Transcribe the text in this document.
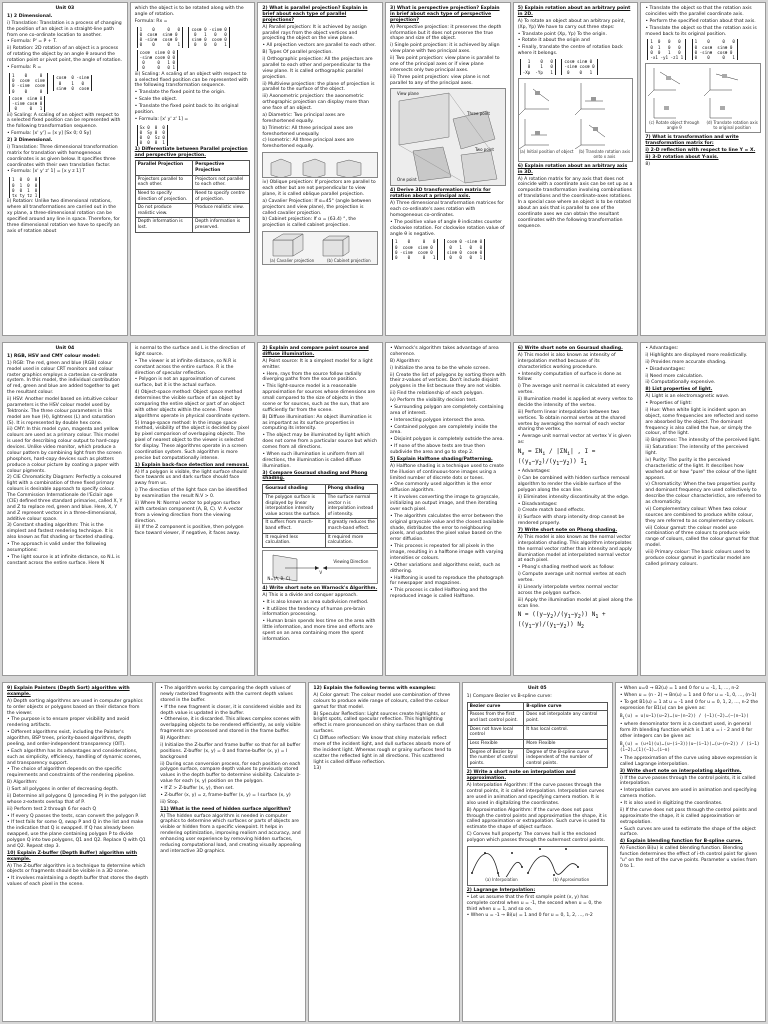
Unit 03

1) 2 Dimensional.

i) Translation: Translation is a process of changing the position of an object in a straight-line path from one co-ordinate location to another.

• Formula: P' = P + T.

ii) Rotation: 2D rotation of an object is a process of rotating the object by an angle θ around the rotation point or pivot point, the angle of rotation.

• Formula: R =

1    0     0
0  cosθ  sinθ
0 -sinθ  cosθ
0    0     0 cosθ  0 -sinθ
0    1   0
sinθ  0  cosθ cosθ  sinθ 0
-sinθ cosθ 0
0     0   1

iii) Scaling: A scaling of an object with respect to a selected fixed position can be represented with the following transformation sequence.

• Formula: [x' y'] = [x y] [Sx 0; 0 Sy]

2) 3 Dimensional.

i) Translation: Three dimensional transformation matrix for translation with homogeneous coordinates is as given below. It specifies three coordinates with their own translation factor.

• Formula: [x' y' z' 1] = [x y z 1] T

1  0  0  0
0  1  0  0
0  0  1  0
tx ty tz 1

ii) Rotation: Unlike two dimensional rotations, where all transformations are carried out in the xy plane, a three-dimensional rotation can be specified around any line in space. Therefore, for three dimensional rotation we have to specify an axis of rotation about

which the object is to be rotated along with the angle of rotation.

Formula: Rx =

1    0     0   0
0  cosθ  sinθ 0
0 -sinθ  cosθ 0
0    0     0   1 cosθ 0 -sinθ 0
0   1   0   0
sinθ 0  cosθ 0
0   0   0   1 cosθ  sinθ 0 0
-sinθ cosθ 0 0
0     0   1 0
0     0   0 1

iii) Scaling: A scaling of an object with respect to a selected fixed position can be represented with the following transformation sequence.

• Translate the fixed point to the origin.

• Scale the object.

• Translate the fixed point back to its original position.

• Formula: [x' y' z' 1] =

Sx 0  0  0
0  Sy 0  0
0  0  Sz 0
0  0  0  1

1) Differentiate between Parallel projection and perspective projection.

Parallel Projection	Perspective Projection
Projectors parallel to each other.	Projectors not parallel to each other.
Need to specify direction of projection.	Need to specify centre of projection.
Do not produce realistic view.	Produce realistic view.
Depth information is lost.	Depth information is preserved.

2) What is parallel projection? Explain in brief about each type of parallel projections?

A) Parallel projection: It is achieved by assign parallel rays from the object vertices and projecting the object on the view plane.

• All projection vectors are parallel to each other.

B) Types Of parallel projection.

i) Orthographic projection: All the projectors are parallel to each other and perpendicular to the view plane. It is called orthographic parallel projection.

ii) Multiview projection: the plane of projection is parallel to the surface of the object.

iii) Axonometric projection: the axonometric orthographic projection can display more than one face of an object.

a) Diametric: Two principal axes are foreshortened equally.

b) Trimetric: All three principal axes are foreshortened unequally.

c) Isometric: All three principal axes are foreshortened equally.

iv) Oblique projection: If projectors are parallel to each other but are not perpendicular to view plane, it is called oblique parallel projection.

a) Cavalier Projection: If α=45° (angle between projectors and view plane), the projection is called cavalier projection.

b) Cabinet projection: If α = (63.4) °, the projection is called cabinet projection.

(a) Cavalier projection	(b) Cabinet projection

3) What is perspective projection? Explain in brief about each type of perspective projection?

A) Perspective projection: it preserves the depth information but it does not preserve the true shape and size of the object.

i) Single point projection: it is achieved by align view plane with two principal axes.

ii) Two point projection: view plane is parallel to one of the principal axes or if view plane intersects only two principal axes.

iii) Three point projection: view plane is not parallel to any of the principal axes.

View plane
Three point
Two point
One point

4) Derive 3D transformation matrix for rotation about a principal axis.

A) Three dimensional transformation matrices for each co-ordinate's axes rotation with homogeneous co-ordinates.

• The positive value of angle θ indicates counter clockwise rotation. For clockwise rotation value of angle θ is negative.

1    0     0   0
0  cosθ  sinθ 0
0 -sinθ  cosθ 0
0    0     0   1 cosθ 0 -sinθ 0
0   1   0   0
sinθ 0  cosθ 0
0   0   0   1

5) Explain rotation about an arbitrary point in 2D.

A) To rotate an object about an arbitrary point, (Xp, Yp) We have to carry out three steps:

• Translate point (Xp, Yp) To the origin.

• Rotate it about the origin and

• Finally, translate the centre of rotation back where it belongs.

1    0   0
0    1   0
-Xp  -Yp   1 cosθ sinθ 0
-sinθ cosθ 0
0    0   1
(a) Initial position of object	(b) Translate rotation axis onto x axis

6) Explain rotation about an arbitrary axis in 3D.

A) A rotation matrix for any axis that does not coincide with a coordinate axis can be set up as a composite transformation involving combinations of translations and the coordinate-axes rotations. In a special case where an object is to be rotated about an axis that is parallel to one of the coordinate axes we can obtain the resultant coordinates with the following transformation sequence.

• Translate the object so that the rotation axis coincides with the parallel coordinate axis.

• Perform the specified rotation about that axis.

• Translate the object so that the rotation axis is moved back to its original position.

1  0   0   0
0  1   0   0
0  0   1   0
-x1 -y1 -z1 1 1    0     0   0
0  cosθ  sinθ 0
0 -sinθ  cosθ 0
0    0     0   1
(c) Rotate object through angle θ
(d) Translate rotation axis to original position

7) What is transformation and write transformation matrix for:

i) 2-D reflection with respect to line Y = X.

ii) 3-D rotation about Y-axis.

8)

Unit 04

1) RGB, HSV and CMY colour model:

1) RGB: The red, green and blue (RGB) colour model used in colour CRT monitors and colour raster graphics employs a cartesian co-ordinate system. In this model, the individual contribution of red, green and blue are added together to get the resultant colour.

ii) HSV: Another model based on intuitive colour parameters is the HSV colour model used by Tektronix. The three colour parameters in this model are hue (H), lightness (L) and saturation (S). It is represented by double hex cone.

iii) CMY: In this model cyan, magenta and yellow colours are used as a primary colour. This model is used for describing colour output to hard-copy devices. Unlike video monitor, which produce a colour pattern by combining light from the screen phosphors, hard-copy devices such as plotters produce a colour picture by coating a paper with colour pigments.

2) CIE Chromaticity Diagram: Perfectly a coloured light with a combination of three fixed primary colours is desirable approach to specify colour. The Commission Internationale de l'Eclair age (CIE) defined three standard primaries, called X, Y and Z to replace red, green and blue. Here, X, Y and Z represent vectors in a three-dimensional, additive colour space.

3) Constant shading algorithm: This is the simplest and fastest rendering technique. It is also known as flat shading or faceted shading.

• The approach is valid under the following assumptions:

• The light source is at infinite distance, so N.L is constant across the entire surface. Here N

is normal to the surface and L is the direction of light source.

• The viewer is at infinite distance, so N.R is constant across the entire surface. R is the direction of specular reflection.

• Polygon is not an approximation of curves surface, but it is the actual surface.

4) Object-space method: Object space method determines the visible surface of an object by comparing the entire object or part of an object with other objects within the scene. These algorithms operate in physical coordinate system.

5) Image-space method: In the image space method, visibility of the object is decided by pixel by pixel comparison of overlapping objects. The pixel of nearest object to the viewer is selected for display. These algorithms operate in a screen coordination system. Such algorithm is more precise but computationally intense.

1) Explain back-face detection and removal.

A) If a polygon is visible, the light surface should face towards us and dark surface should face away from us.

i) The direction of the light face can be identified by examination the result N.V > 0.

ii) Where N: Normal vector to polygon surface with cartesian component (A, B, C). V: A vector from a viewing direction from the viewing direction.

iii) If the Z component is positive, then polygon face toward viewer, if negative, it faces away.

2) Explain and compare point source and diffuse illumination.

A) Point source: It is a simplest model for a light emitter.

• Here, rays from the source follow radially diverging paths from the source position.

• This light-source model is a reasonable approximation for sources whose dimensions are small compared to the size of objects in the scene or for sources, such as the sun, that are sufficiently far from the scene.

B) Diffuse illumination: An object illumination is as important as its surface properties in computing its intensity.

• The object may be illuminated by light which does not come from a particular source but which comes from all directions.

• When such illumination is uniform from all directions, the illumination is called diffuse illumination.

3) Compare Gouraud shading and Phong shading.

Gouraud shading	Phong shading
The polygon surface is displayed by linear interpolation intensity value across the surface.	The surface normal vector n is interpolation instead of intensity.
It suffers from march-band effect.	It greatly reduces the march-band effect.
It required less calculation.	It required more calculation.
N=(A, B, C)
V
Viewing Direction

4) Write short note on Warnock's Algorithm.

A) This is a divide and conquer approach.

• It is also known as area subdivision method.

• It utilizes the tendency of human pre-brain information processing.

• Human brain spends less time on the area with little information, and more time and efforts are spent on an area containing more the spent information.

• Warnock's algorithm takes advantage of area coherence.

B) Algorithm:

i) Initialize the area to be the whole screen.

ii) Create the list of polygons by sorting them with their z-values of vertices. Don't include disjoint polygons in the list because they are not visible.

iii) Find the relationship of each polygon.

iv) Perform the visibility decision test.

• Surrounding polygon are completely containing area of interest.

• Intersecting polygon intersect the area.

• Contained polygon are completely inside the area.

• Disjoint polygon is completely outside the area.

• If none of the above tests are true then subdivide the area and go to step 2.

5) Explain Halftone shading/Patterning.

A) Halftone shading is a technique used to create the illusion of continuous-tone images using a limited number of discrete dots or tones.

• One commonly used algorithm is the error diffusion algorithm.

• It involves converting the image to grayscale, initializing an output image, and then iterating over each pixel.

• The algorithm calculates the error between the original grayscale value and the closest available shade, distributes the error to neighbouring pixels, and updates the pixel value based on the error diffusion.

• This process is repeated for all pixels in the image, resulting in a halftone image with varying intensities or colours.

• Other variations and algorithms exist, such as dithering.

• Halftoning is used to reproduce the photograph for newspaper and magazines.

• This process is called Halftoning and the reproduced image is called Halftone.

6) Write short note on Gouraud shading.

A) This model is also known as intensity of interpolation method because of its characteristics working procedure.

• Intensity computation of surface is done as follow:

i) The average unit normal is calculated at every vertex.

ii) Illumination model is applied at every vertex to decide the intensity of the vertex.

iii) Perform linear interpolation between two vertices. To obtain normal vertex at the shared vertex by averaging the normal of each vector sharing the vertex.

• Average unit normal vector at vertex V is given as:

$N_v = \Sigma N_i / |\Sigma N_i|$ , $I = ((y_s-y_2)/(y_1-y_2))$ $I_1$

• Advantages:

i) Can be combined with hidden surface removal algorithm to render the visible surface of the polygon along the scan line.

ii) Eliminates intensity discontinuity at the edge.

• Disadvantages:

i) Create match band effects.

ii) Surface with sharp intensity drop cannot be rendered properly.

7) Write short note on Phong shading.

A) This model is also known as the normal vector interpolation shading. This algorithm interpolates the normal vector rather than intensity and apply illumination model at interpolated normal vector at each pixel.

• Phong's shading method work as follow:

i) Compute average unit normal vertex at each vertex.

ii) Linearly interpolate vertex normal vector across the polygon surface.

iii) Apply the illumination model at pixel along the scan line.

$N = ((y-y_2)/(y_1-y_2)) N_1 + ((y_1-y)/(y_1-y_2))$ $N_2$

• Advantages:

i) Highlights are displayed more realistically.

ii) Provides more accurate shading.

• Disadvantages:

i) Need more calculation.

ii) Computationally expensive.

8) List properties of light.

A) Light is an electromagnetic wave.

• Properties of light:

i) Hue: When white light is incident upon an object, some frequencies are reflected and some are absorbed by the object. The dominant frequency is also called the hue, or simply the colour, of the light.

ii) Brightness: The intensity of the perceived light.

iii) Saturation: The intensity of the perceived light.

iv) Purity: The purity is the perceived characteristic of the light. It describes how washed out or how "pure" the colour of the light appears.

v) Chromaticity: When the two properties purity and dominant frequency are used collectively to describe the colour characteristics, are referred to as chromaticity.

vi) Complementary colour: When two colour sources are combined to produce white colour, they are referred to as complementary colours.

vii) Colour gamut: the colour model use combination of three colours to produce wide range of colours, called the colour gamut for that model.

viii) Primary colour: The basic colours used to produce colour gamut in particular model are called primary colours.

9) Explain Painters (Depth Sort) algorithm with example.

A) Depth sorting algorithms are used in computer graphics to order objects or polygons based on their distance from the viewer.

• The purpose is to ensure proper visibility and avoid rendering artifacts.

• Different algorithms exist, including the Painter's algorithm, BSP trees, priority-based algorithms, depth peeling, and order-independent transparency (OIT).

• Each algorithm has its advantages and considerations, such as simplicity, efficiency, handling of dynamic scenes, and transparency support.

• The choice of algorithm depends on the specific requirements and constraints of the rendering pipeline.

B) Algorithm:

i) Sort all polygons in order of decreasing depth.

ii) Determine all polygons Q (preceding P) in the polygon list whose z-extents overlap that of P.

iii) Perform test 2 through 6 for each Q

• If every Q passes the tests, scan convert the polygon P.

• If test fails for some Q, swap P and Q in the list and make the indication that Q is swapped. If Q has already been swapped, use the plane containing polygon P to divide polygon Q into two polygons, Q1 and Q2. Replace Q with Q1 and Q2. Repeat step 3.

10) Explain Z-buffer (Depth Buffer) algorithm with example.

A) The Z-buffer algorithm is a technique to determine which objects or fragments should be visible in a 3D scene.

• It involves maintaining a depth buffer that stores the depth values of each pixel in the scene.

• The algorithm works by comparing the depth values of newly rasterized fragments with the current depth values stored in the buffer.

• If the new fragment is closer, it is considered visible and its depth value is updated in the buffer.

• Otherwise, it is discarded. This allows complex scenes with overlapping objects to be rendered efficiently, as only visible fragments are processed and stored in the frame buffer.

B) Algorithm:

i) Initialize the Z-buffer and frame buffer so that for all buffer positions. Z-buffer (x, y) = 0 and frame-buffer (x, y) = I background

ii) During scan conversion process, for each position on each polygon surface, compare depth values to previously stored values in the depth buffer to determine visibility. Calculate z-value for each (x, y) position on the polygon.

• If Z > Z-buffer (x, y), then set.

• Z-buffer (x, y) = z, frame-buffer (x, y) = I surface (x, y)

iii) Stop.

11) What is the need of hidden surface algorithm?

A) The hidden surface algorithm is needed in computer graphics to determine which surfaces or parts of objects are visible or hidden from a specific viewpoint. It helps in rendering optimization, improving realism and accuracy, and enhancing user experience by removing hidden surfaces, reducing computational load, and creating visually appealing and interactive 3D graphics.

12) Explain the following terms with examples:

A) Color gamut: The colour model use combination of three colours to produce wide range of colours, called the colour gamut for that model.

B) Specular Reflection: Light sources create highlights, or bright spots, called specular reflection. This highlighting effect is more pronounced on shiny surfaces than on dull surfaces.

C) Diffuse reflection: We know that shiny materials reflect more of the incident light, and dull surfaces absorb more of the incident light. Whereas rough or grainy surfaces tend to scatter the reflected light in all directions. This scattered light is called diffuse reflection.

13)

Unit 05

1) Compare Bezier vs B-spline curve:

Bezier curve	B-spline curve
Passes from the first and last control point.	Does not interpolate any control point.
Does not have local control	It has local control.
Less Flexible	More Flexible
Degree of Bezier by the number of control points.	Degree of the B-spline curve independent of the number of control points.

2) Write a short note on interpolation and approximation.

A) Interpolation Algorithm: If the curve passes through the control points, it is called interpolation. Interpolation curves are used in animation and specifying camera motion. It is also used in digitalizing the coordinates.

B) Approximation Algorithm: If the curve does not pass through the control points and approximation the shape, it is called approximation or extrapolation. Such curve is used to estimate the shape of object surface.

C) Convex hull property: The convex hull is the enclosed polygon which passes through the outermost control points.

(a) Interpolation	(b) Approximation

2) Lagrange Interpolation:

• Let us assume that the first sample point (x, y) has complete control when u = -1, the second when u = 0, the third when u = 1, and so on.

• When u = -1 → Bi(u) = 1 and 0 for u = 0, 1, 2, ..., n-2

• When u=0 → B2(u) = 1 and 0 for u = -1, 1, ..., n-2

• When u = (n - 2) → Bn(u) = 1 and 0 for u = -1, 0, ..., (n-1)

• To get B1(u) = 1 at u = -1 and 0 for u = 0, 1, 2, ..., n-2 the expression for B1(u) can be given as:

$B_1(u)$ = u(u−1)(u−2)…(u−(n−2)) / (−1)(−2)…(−(n−1))

• where denominator term is a constant used, in general form ith blending function which is 1 at u = i - 2 and 0 for other integers can be given as:

$B_i(u)$ = (u+1)(u)…(u−(i−3))(u−(i−1))…(u−(n−2)) / (i−1)(i−2)…(1)(−1)…(i−n)

• The approximation of the curve using above expression is called Lagrange interpolation.

3) Write short note on interpolating algorithm.

i) If the curve passes through the control points, it is called interpolation.

• Interpolation curves are used in animation and specifying camera motion.

• It is also used in digitizing the coordinates.

ii) If the curve does not pass through the control points and approximate the shape, it is called approximation or extrapolation.

• Such curves are used to estimate the shape of the object surface.

4) Explain blending function for B-spline curve.

A) Function Bi(u) is called blending function. Blending function determines the effect of i-th control point for given "u" on the rest of the curve points. Parameter u varies from 0 to 1.
